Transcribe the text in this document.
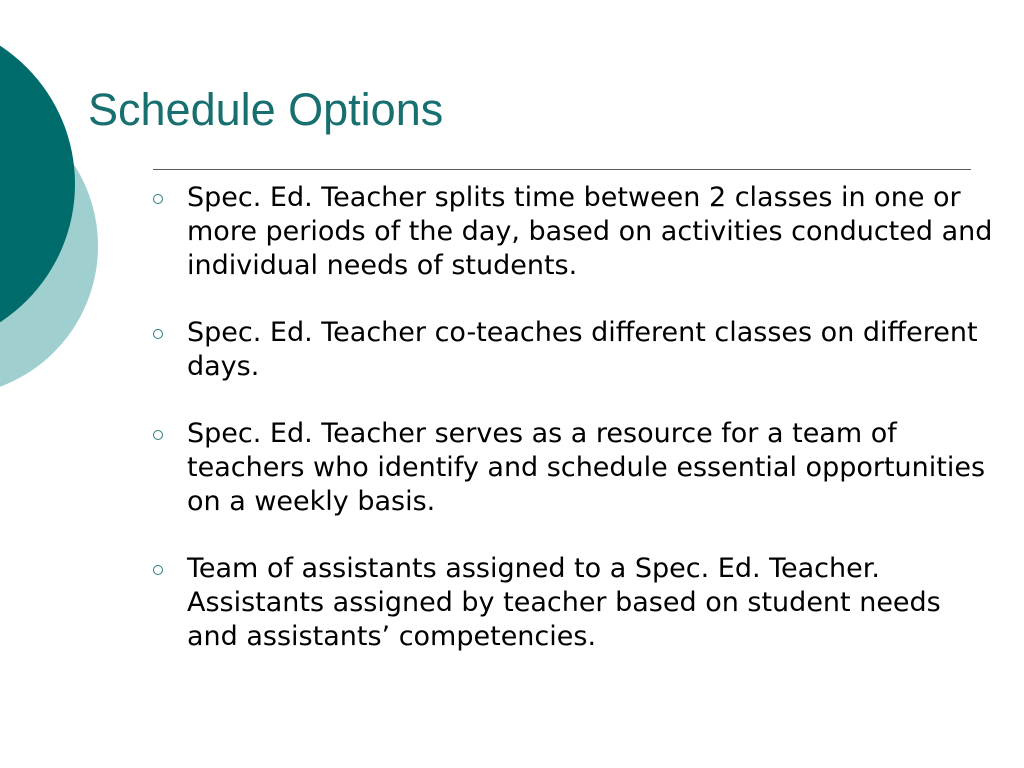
Schedule Options
Spec. Ed. Teacher splits time between 2 classes in one or more periods of the day, based on activities conducted and individual needs of students.
Spec. Ed. Teacher co-teaches different classes on different days.
Spec. Ed. Teacher serves as a resource for a team of teachers who identify and schedule essential opportunities on a weekly basis.
Team of assistants assigned to a Spec. Ed. Teacher.  Assistants assigned by teacher based on student needs and assistants’ competencies.
